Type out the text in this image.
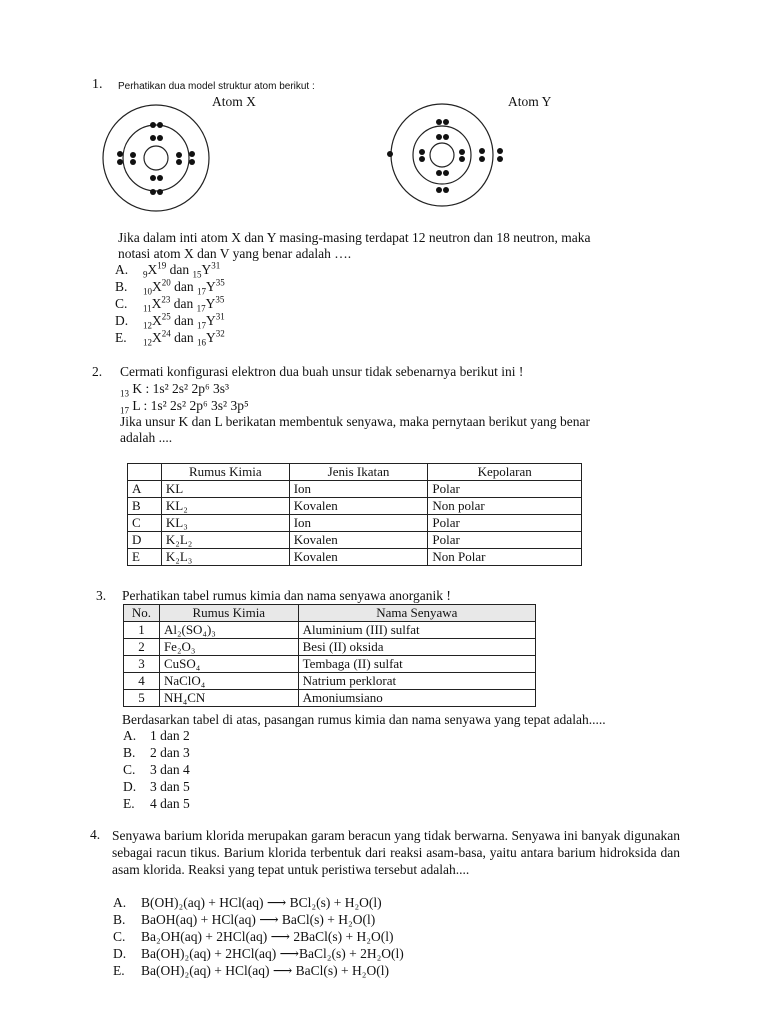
1. Perhatikan dua model struktur atom berikut :
Atom X	Atom Y
Jika dalam inti atom X dan Y masing-masing terdapat 12 neutron dan 18 neutron, maka
notasi atom X dan V yang benar adalah ….
A. $_9X^{19}$ dan $_{15}Y^{31}$
B. $_{10}X^{20}$ dan $_{17}Y^{35}$
C. $_{11}X^{23}$ dan $_{17}Y^{35}$
D. $_{12}X^{25}$ dan $_{17}Y^{31}$
E. $_{12}X^{24}$ dan $_{16}Y^{32}$
2. Cermati konfigurasi elektron dua buah unsur tidak sebenarnya berikut ini !
$_{13}$ K : 1s² 2s² 2p⁶ 3s³
$_{17}$ L : 1s² 2s² 2p⁶ 3s² 3p⁵
Jika unsur K dan L berikatan membentuk senyawa, maka pernytaan berikut yang benar
adalah ....
	Rumus Kimia	Jenis Ikatan	Kepolaran
A	KL	Ion	Polar
B	KL₂	Kovalen	Non polar
C	KL₃	Ion	Polar
D	K₂L₂	Kovalen	Polar
E	K₂L₃	Kovalen	Non Polar
3. Perhatikan tabel rumus kimia dan nama senyawa anorganik !
No.	Rumus Kimia	Nama Senyawa
1	Al₂(SO₄)₃	Aluminium (III) sulfat
2	Fe₂O₃	Besi (II) oksida
3	CuSO₄	Tembaga (II) sulfat
4	NaClO₄	Natrium perklorat
5	NH₄CN	Amoniumsiano
Berdasarkan tabel di atas, pasangan rumus kimia dan nama senyawa yang tepat adalah.....
A. 1 dan 2
B. 2 dan 3
C. 3 dan 4
D. 3 dan 5
E. 4 dan 5
4. Senyawa barium klorida merupakan garam beracun yang tidak berwarna. Senyawa ini banyak digunakan sebagai racun tikus. Barium klorida terbentuk dari reaksi asam-basa, yaitu antara barium hidroksida dan asam klorida. Reaksi yang tepat untuk peristiwa tersebut adalah....
A. B(OH)₂(aq) + HCl(aq) ⟶ BCl₂(s) + H₂O(l)
B. BaOH(aq) + HCl(aq) ⟶ BaCl(s) + H₂O(l)
C. Ba₂OH(aq) + 2HCl(aq) ⟶ 2BaCl(s) + H₂O(l)
D. Ba(OH)₂(aq) + 2HCl(aq) ⟶BaCl₂(s) + 2H₂O(l)
E. Ba(OH)₂(aq) + HCl(aq) ⟶ BaCl(s) + H₂O(l)
